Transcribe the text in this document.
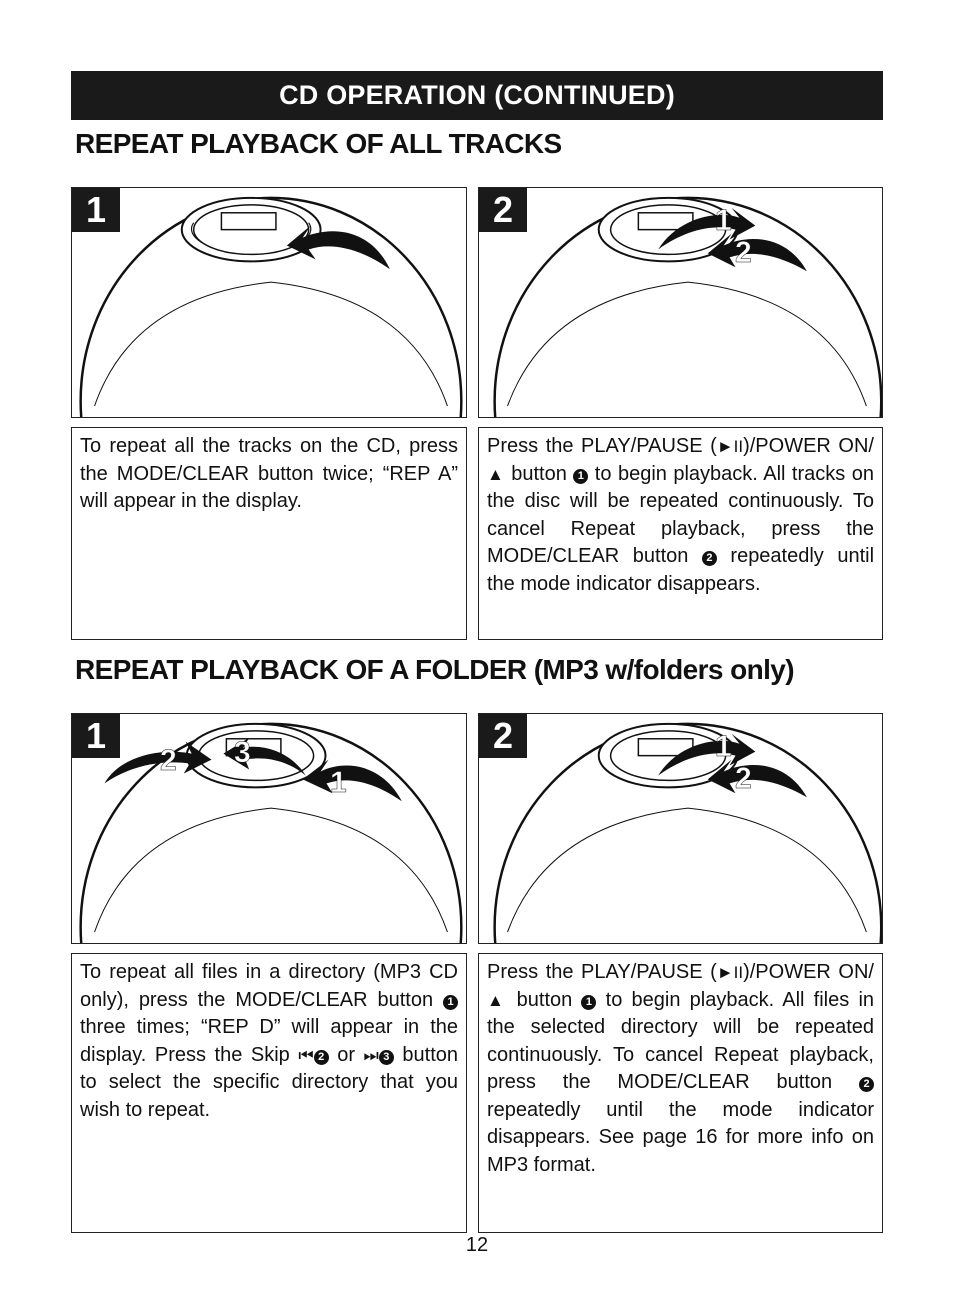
CD OPERATION (CONTINUED)
REPEAT PLAYBACK OF ALL TRACKS
1	2	1
2
To repeat all the tracks on the CD, press the MODE/CLEAR button twice; “REP A” will appear in the display.
Press the PLAY/PAUSE (►II)/POWER ON/▲ button 1 to begin playback. All tracks on the disc will be repeated continuously. To cancel Repeat playback, press the MODE/CLEAR button 2 repeatedly until the mode indicator disappears.
REPEAT PLAYBACK OF A FOLDER (MP3 w/folders only)
1
2 3
1
2	1
2
To repeat all files in a directory (MP3 CD only), press the MODE/CLEAR button 1 three times; “REP D” will appear in the display. Press the Skip ⏮ 2 or ⏭ 3 button to select the specific directory that you wish to repeat.
Press the PLAY/PAUSE (►II)/POWER ON/▲ button 1 to begin playback. All files in the selected directory will be repeated continuously. To cancel Repeat playback, press the MODE/CLEAR button 2 repeatedly until the mode indicator disappears. See page 16 for more info on MP3 format.
12
